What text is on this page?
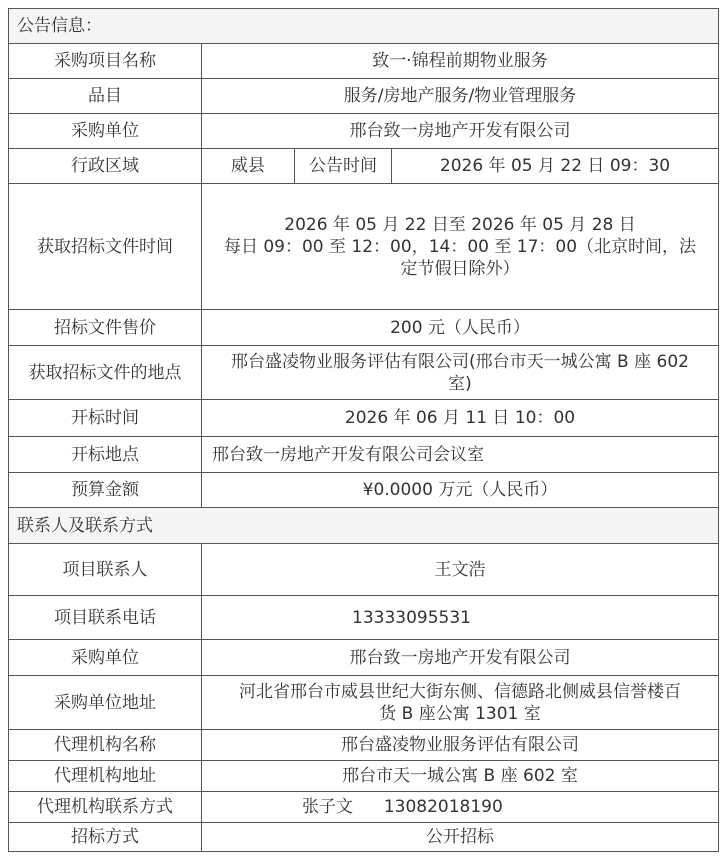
公告信息：			
采购项目名称	致一·锦程前期物业服务		
品目	服务/房地产服务/物业管理服务		
采购单位	邢台致一房地产开发有限公司		
行政区域	威县	公告时间	2026 年 05 月 22 日 09：30
获取招标文件时间	2026 年 05 月 22 日至 2026 年 05 月 28 日
每日 09：00 至 12：00，14：00 至 17：00（北京时间，法
定节假日除外）		

招标文件售价	200 元（人民币）		
获取招标文件的地点	邢台盛凌物业服务评估有限公司(邢台市天一城公寓 B 座 602
室)		

开标时间	2026 年 06 月 11 日 10：00		
开标地点	邢台致一房地产开发有限公司会议室		
预算金额	¥0.0000 万元（人民币）		
联系人及联系方式			
项目联系人	王文浩		
项目联系电话	13333095531		
采购单位	邢台致一房地产开发有限公司		
采购单位地址	河北省邢台市威县世纪大街东侧、信德路北侧威县信誉楼百
货 B 座公寓 1301 室		

代理机构名称	邢台盛凌物业服务评估有限公司		
代理机构地址	邢台市天一城公寓 B 座 602 室		
代理机构联系方式	张子文 13082018190		
招标方式	公开招标		
